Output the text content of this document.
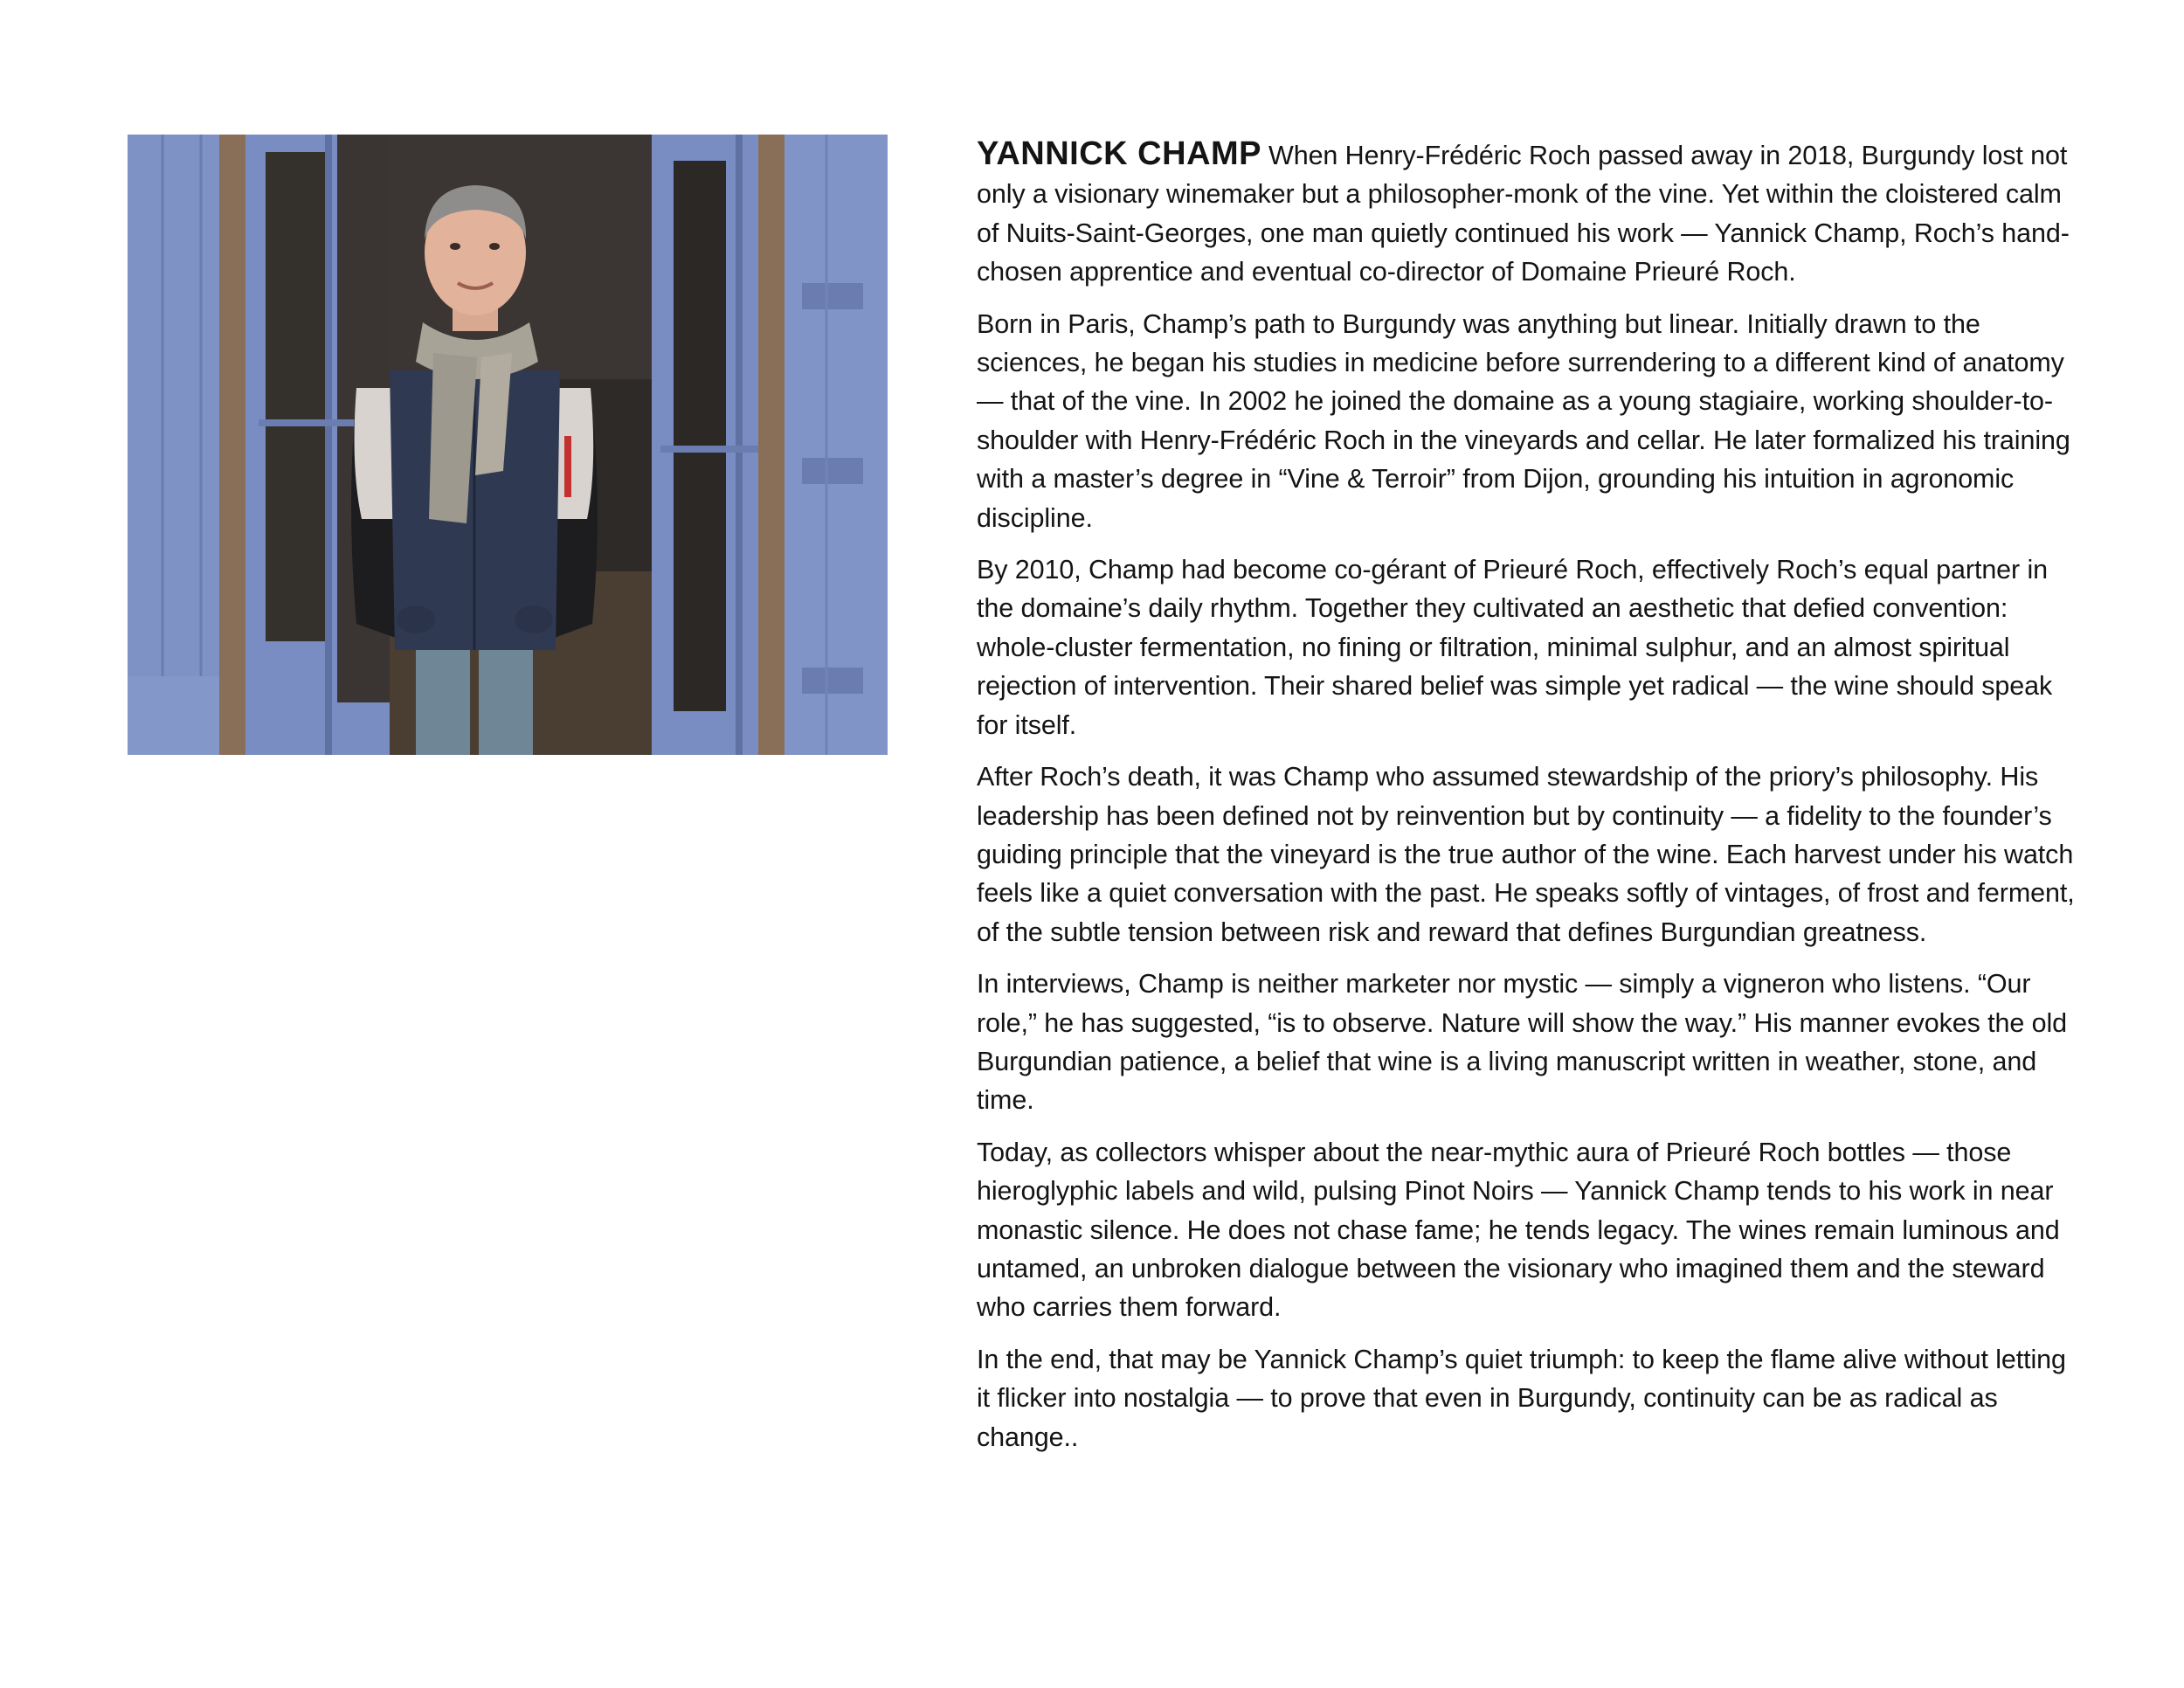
YANNICK CHAMP When Henry-Frédéric Roch passed away in 2018, Burgundy lost not only a visionary winemaker but a philosopher-monk of the vine. Yet within the cloistered calm of Nuits-Saint-Georges, one man quietly continued his work — Yannick Champ, Roch’s hand-chosen apprentice and eventual co-director of Domaine Prieuré Roch.

Born in Paris, Champ’s path to Burgundy was anything but linear. Initially drawn to the sciences, he began his studies in medicine before surrendering to a different kind of anatomy — that of the vine. In 2002 he joined the domaine as a young stagiaire, working shoulder-to-shoulder with Henry-Frédéric Roch in the vineyards and cellar. He later formalized his training with a master’s degree in “Vine & Terroir” from Dijon, grounding his intuition in agronomic discipline.

By 2010, Champ had become co-gérant of Prieuré Roch, effectively Roch’s equal partner in the domaine’s daily rhythm. Together they cultivated an aesthetic that defied convention: whole-cluster fermentation, no fining or filtration, minimal sulphur, and an almost spiritual rejection of intervention. Their shared belief was simple yet radical — the wine should speak for itself.

After Roch’s death, it was Champ who assumed stewardship of the priory’s philosophy. His leadership has been defined not by reinvention but by continuity — a fidelity to the founder’s guiding principle that the vineyard is the true author of the wine. Each harvest under his watch feels like a quiet conversation with the past. He speaks softly of vintages, of frost and ferment, of the subtle tension between risk and reward that defines Burgundian greatness.

In interviews, Champ is neither marketer nor mystic — simply a vigneron who listens. “Our role,” he has suggested, “is to observe. Nature will show the way.” His manner evokes the old Burgundian patience, a belief that wine is a living manuscript written in weather, stone, and time.

Today, as collectors whisper about the near-mythic aura of Prieuré Roch bottles — those hieroglyphic labels and wild, pulsing Pinot Noirs — Yannick Champ tends to his work in near monastic silence. He does not chase fame; he tends legacy. The wines remain luminous and untamed, an unbroken dialogue between the visionary who imagined them and the steward who carries them forward.

In the end, that may be Yannick Champ’s quiet triumph: to keep the flame alive without letting it flicker into nostalgia — to prove that even in Burgundy, continuity can be as radical as change..
